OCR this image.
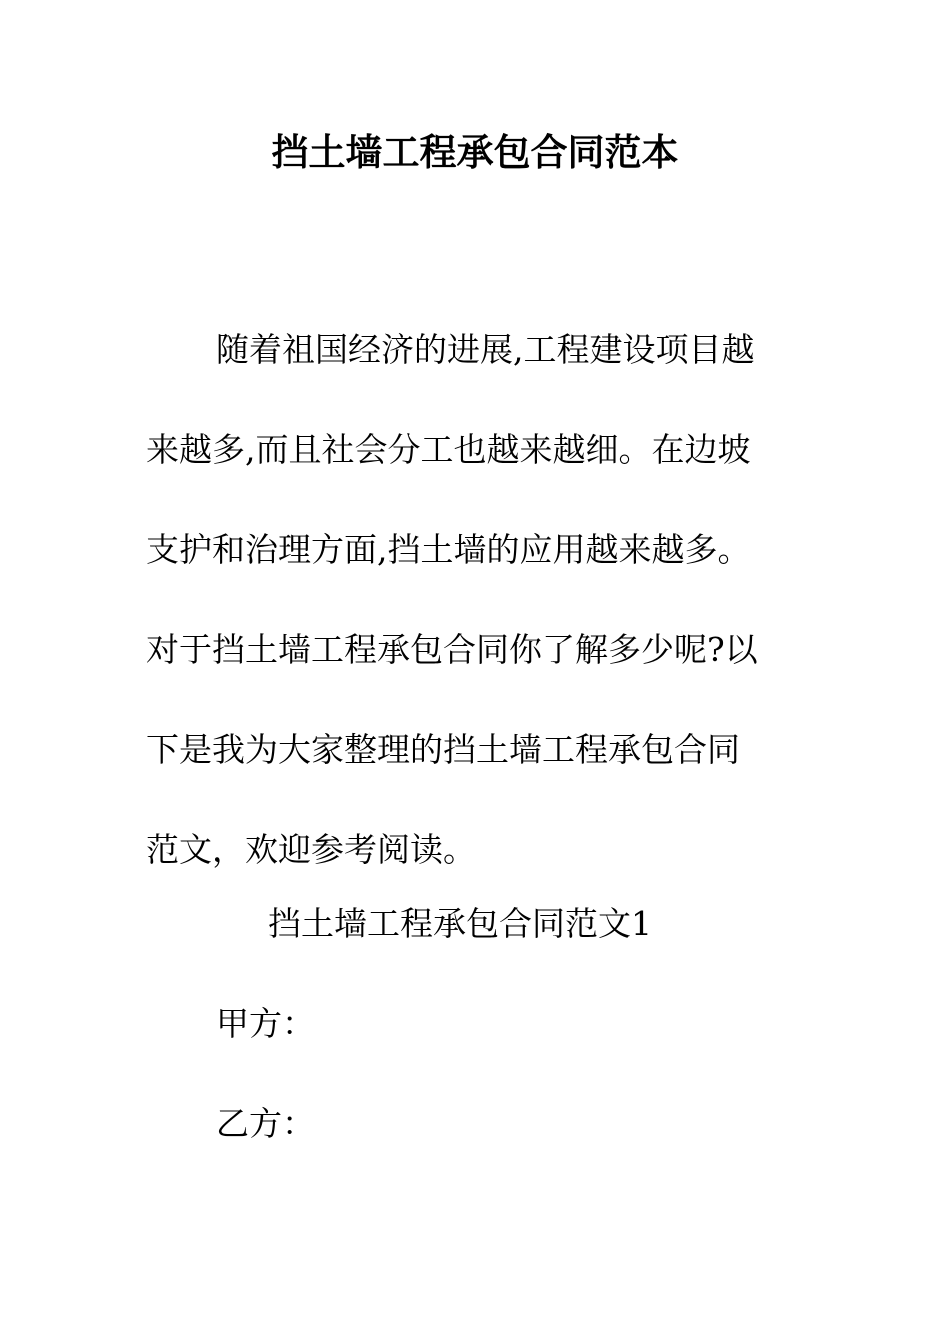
挡土墙工程承包合同范本
随着祖国经济的进展,工程建设项目越
来越多,而且社会分工也越来越细。在边坡
支护和治理方面,挡土墙的应用越来越多。
对于挡土墙工程承包合同你了解多少呢?以
下是我为大家整理的挡土墙工程承包合同
范文，欢迎参考阅读。
挡土墙工程承包合同范文1
甲方：
乙方：
